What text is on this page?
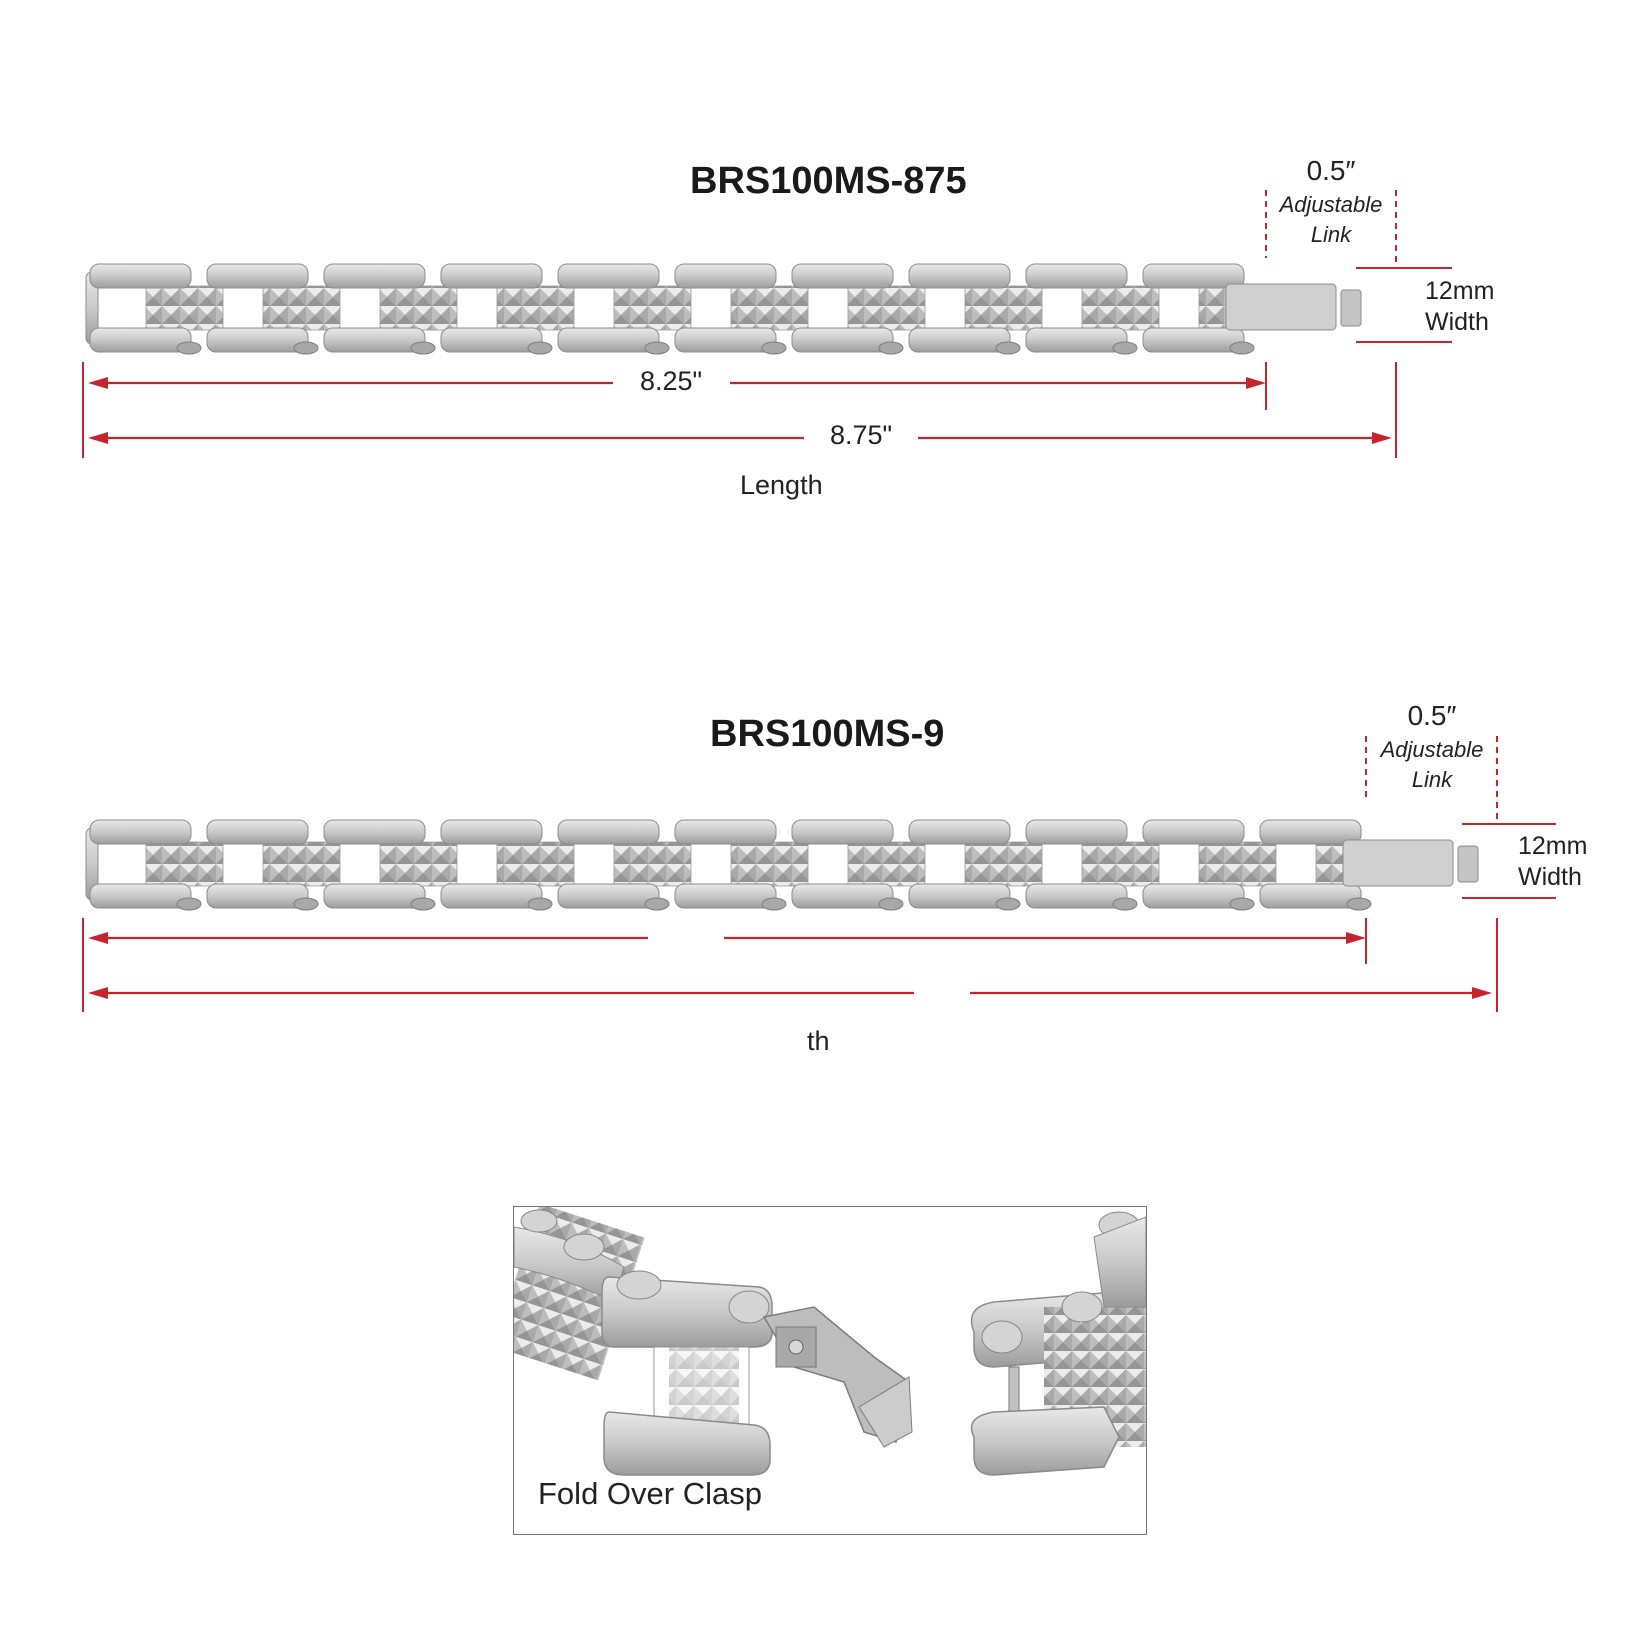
BRS100MS-875	0.5″
Adjustable
Link
12mm
Width
8.25"
8.75"
Length
BRS100MS-9	0.5″
Adjustable
Link
12mm
Width
th
Fold Over Clasp
